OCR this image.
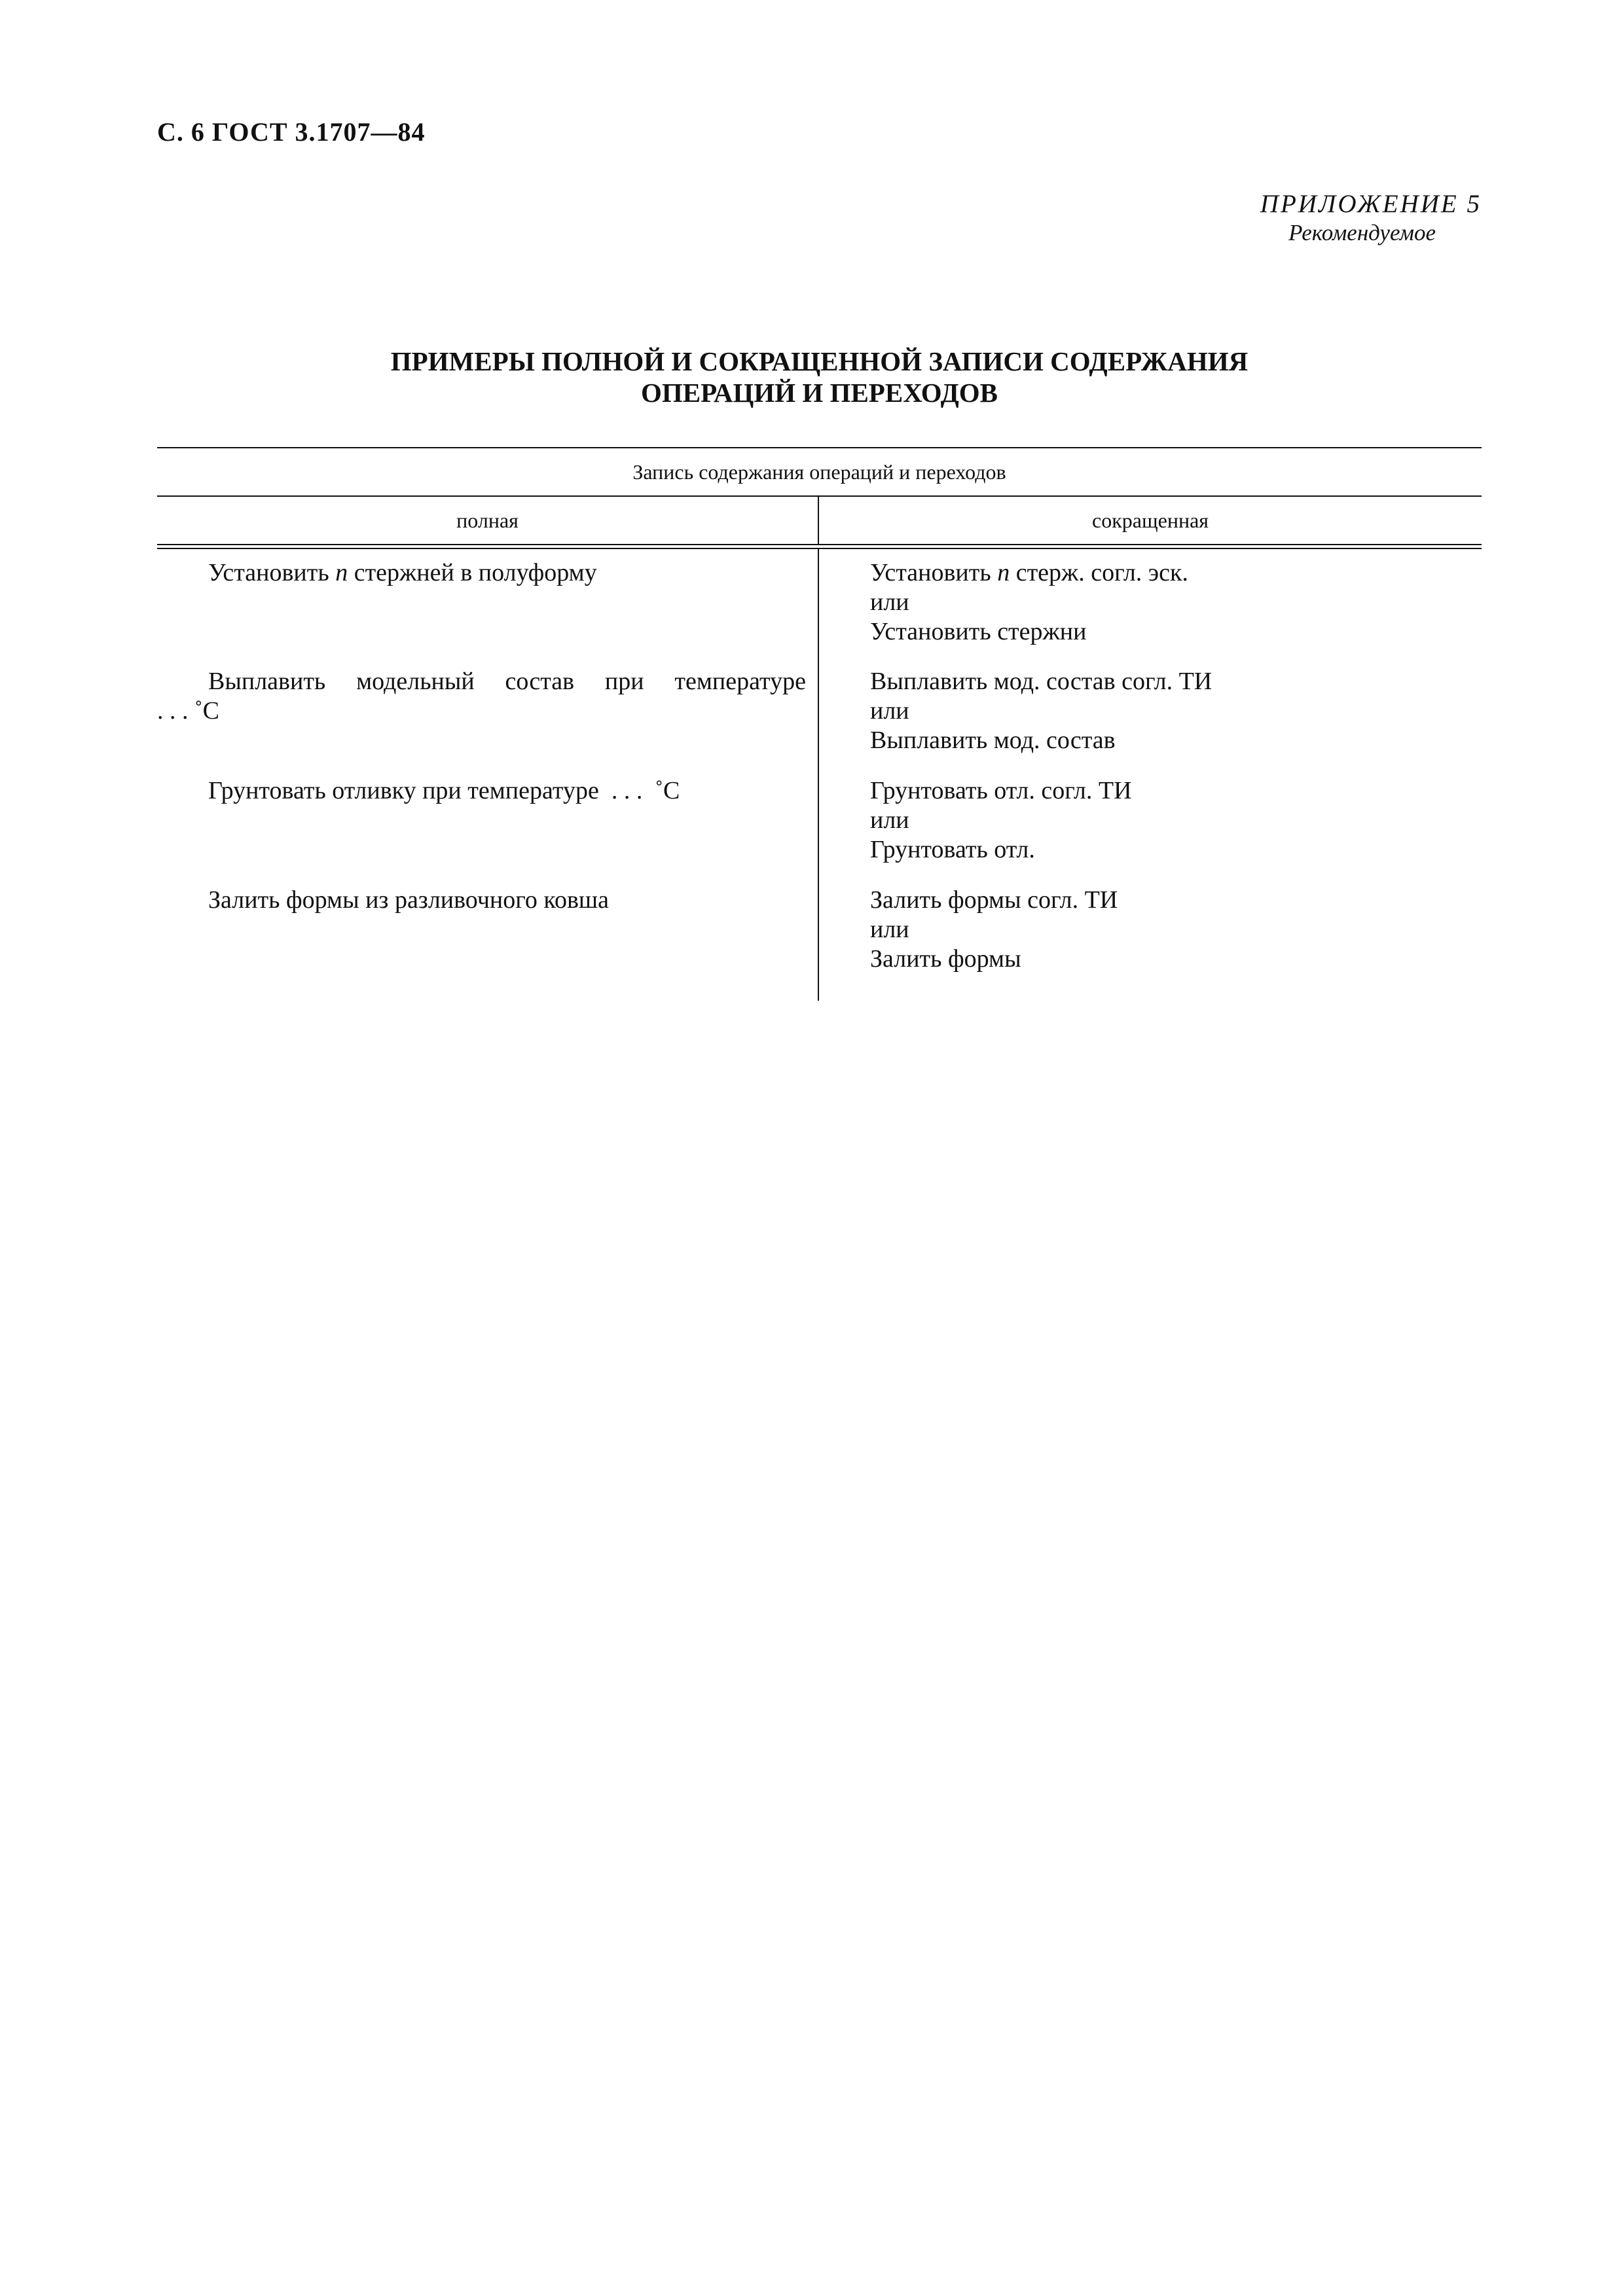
С. 6 ГОСТ 3.1707—84
ПРИЛОЖЕНИЕ 5
Рекомендуемое
ПРИМЕРЫ ПОЛНОЙ И СОКРАЩЕННОЙ ЗАПИСИ СОДЕРЖАНИЯ
ОПЕРАЦИЙ И ПЕРЕХОДОВ
Запись содержания операций и переходов
полная	сокращенная
Установить n стержней в полуформу
Выплавить модельный состав при температуре
. . . ˚С
Грунтовать отливку при температуре  . . .  ˚С
Залить формы из разливочного ковша
Установить n стерж. согл. эск.
или
Установить стержни
Выплавить мод. состав согл. ТИ
или
Выплавить мод. состав
Грунтовать отл. согл. ТИ
или
Грунтовать отл.
Залить формы согл. ТИ
или
Залить формы
